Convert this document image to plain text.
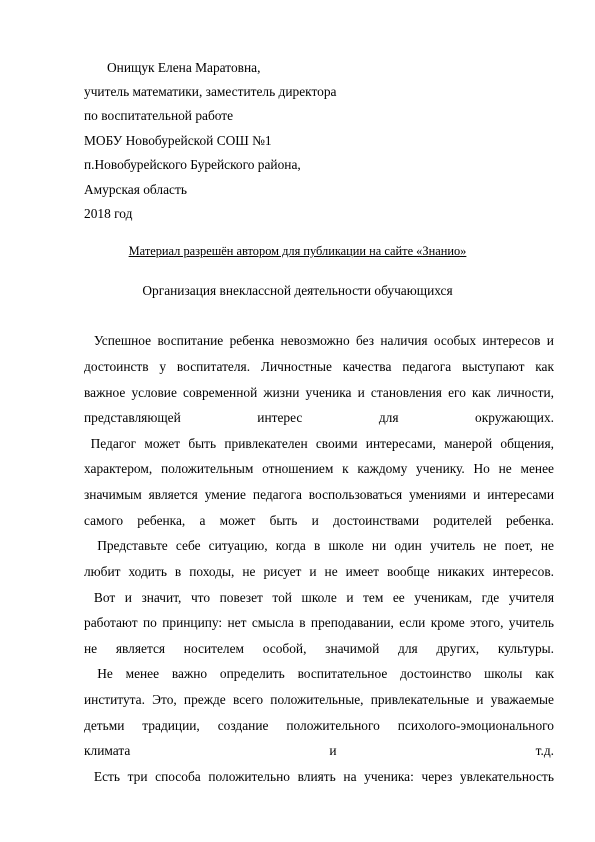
Онищук Елена Маратовна,
учитель математики, заместитель директора
по воспитательной работе
МОБУ Новобурейской СОШ №1
п.Новобурейского Бурейского района,
Амурская область
2018 год
Материал разрешён автором для публикации на сайте «Знанио»
Организация внеклассной деятельности обучающихся
Успешное воспитание ребенка невозможно без наличия особых интересов и
достоинств у воспитателя. Личностные качества педагога выступают как
важное условие современной жизни ученика и становления его как личности,
представляющей интерес для окружающих.
Педагог может быть привлекателен своими интересами, манерой общения,
характером, положительным отношением к каждому ученику. Но не менее
значимым является умение педагога воспользоваться умениями и интересами
самого ребенка, а может быть и достоинствами родителей ребенка.
Представьте себе ситуацию, когда в школе ни один учитель не поет, не
любит ходить в походы, не рисует и не имеет вообще никаких интересов.
Вот и значит, что повезет той школе и тем ее ученикам, где учителя
работают по принципу: нет смысла в преподавании, если кроме этого, учитель
не является носителем особой, значимой для других, культуры.
Не менее важно определить воспитательное достоинство школы как
института. Это, прежде всего положительные, привлекательные и уважаемые
детьми традиции, создание положительного психолого-эмоционального
климата и т.д.
Есть три способа положительно влиять на ученика: через увлекательность
